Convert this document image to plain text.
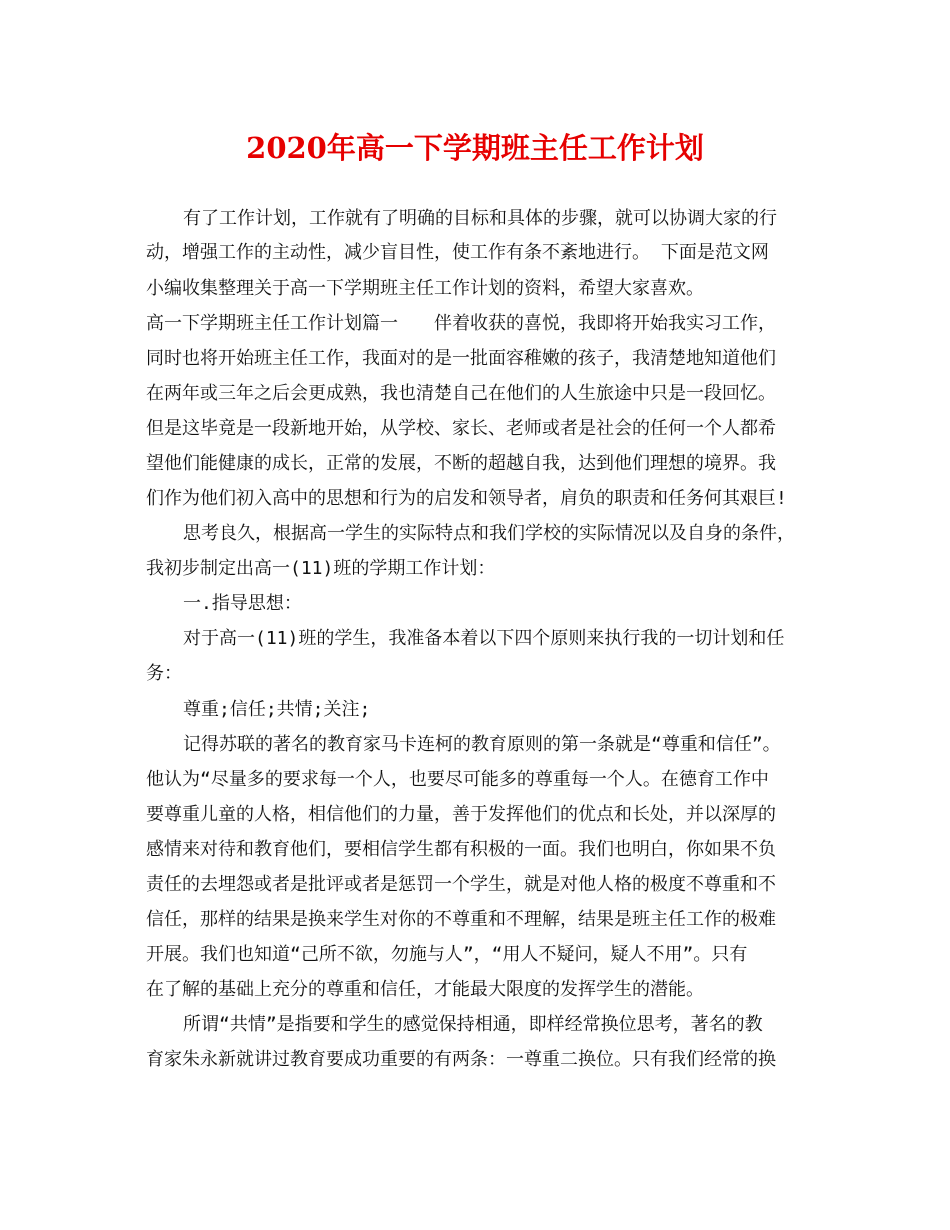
2020年高一下学期班主任工作计划
有了工作计划，工作就有了明确的目标和具体的步骤，就可以协调大家的行
动，增强工作的主动性，减少盲目性，使工作有条不紊地进行。 下面是范文网
小编收集整理关于高一下学期班主任工作计划的资料，希望大家喜欢。
高一下学期班主任工作计划篇一　　伴着收获的喜悦，我即将开始我实习工作，
同时也将开始班主任工作，我面对的是一批面容稚嫩的孩子，我清楚地知道他们
在两年或三年之后会更成熟，我也清楚自己在他们的人生旅途中只是一段回忆。
但是这毕竟是一段新地开始，从学校、家长、老师或者是社会的任何一个人都希
望他们能健康的成长，正常的发展，不断的超越自我，达到他们理想的境界。我
们作为他们初入高中的思想和行为的启发和领导者，肩负的职责和任务何其艰巨!
思考良久，根据高一学生的实际特点和我们学校的实际情况以及自身的条件，
我初步制定出高一(11)班的学期工作计划：
一.指导思想：
对于高一(11)班的学生，我准备本着以下四个原则来执行我的一切计划和任
务：
尊重;信任;共情;关注;
记得苏联的著名的教育家马卡连柯的教育原则的第一条就是“尊重和信任”。
他认为“尽量多的要求每一个人，也要尽可能多的尊重每一个人。在德育工作中
要尊重儿童的人格，相信他们的力量，善于发挥他们的优点和长处，并以深厚的
感情来对待和教育他们，要相信学生都有积极的一面。我们也明白，你如果不负
责任的去埋怨或者是批评或者是惩罚一个学生，就是对他人格的极度不尊重和不
信任，那样的结果是换来学生对你的不尊重和不理解，结果是班主任工作的极难
开展。我们也知道“己所不欲，勿施与人”，“用人不疑问，疑人不用”。只有
在了解的基础上充分的尊重和信任，才能最大限度的发挥学生的潜能。
所谓“共情”是指要和学生的感觉保持相通，即样经常换位思考，著名的教
育家朱永新就讲过教育要成功重要的有两条：一尊重二换位。只有我们经常的换
